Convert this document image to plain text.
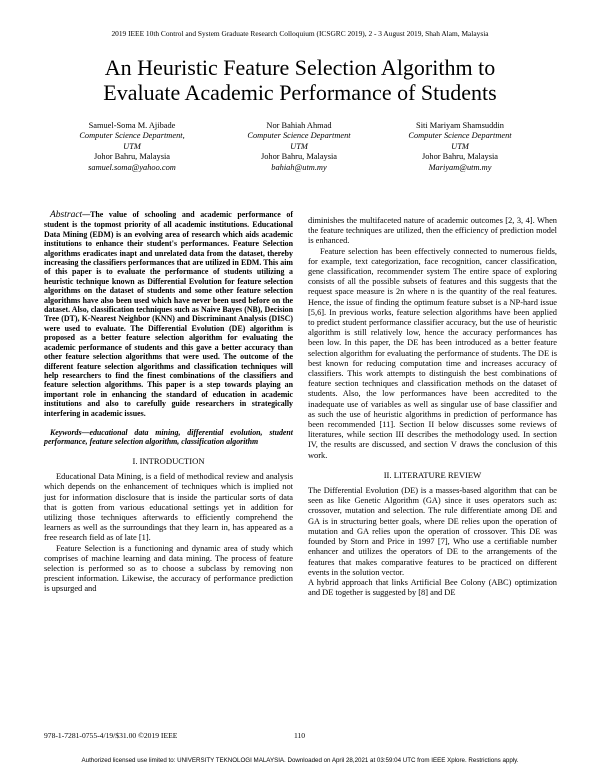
2019 IEEE 10th Control and System Graduate Research Colloquium (ICSGRC 2019), 2 - 3 August 2019, Shah Alam, Malaysia
An Heuristic Feature Selection Algorithm to
Evaluate Academic Performance of Students
Samuel-Soma M. Ajibade
Computer Science Department,
UTM
Johor Bahru, Malaysia
samuel.soma@yahoo.com
Nor Bahiah Ahmad
Computer Science Department
UTM
Johor Bahru, Malaysia
bahiah@utm.my
Siti Mariyam Shamsuddin
Computer Science Department
UTM
Johor Bahru, Malaysia
Mariyam@utm.my

Abstract—The value of schooling and academic performance of student is the topmost priority of all academic institutions. Educational Data Mining (EDM) is an evolving area of research which aids academic institutions to enhance their student's performances. Feature Selection algorithms eradicates inapt and unrelated data from the dataset, thereby increasing the classifiers performances that are utilized in EDM. This aim of this paper is to evaluate the performance of students utilizing a heuristic technique known as Differential Evolution for feature selection algorithms on the dataset of students and some other feature selection algorithms have also been used which have never been used before on the dataset. Also, classification techniques such as Naive Bayes (NB), Decision Tree (DT), K-Nearest Neighbor (KNN) and Discriminant Analysis (DISC) were used to evaluate. The Differential Evolution (DE) algorithm is proposed as a better feature selection algorithm for evaluating the academic performance of students and this gave a better accuracy than other feature selection algorithms that were used. The outcome of the different feature selection algorithms and classification techniques will help researchers to find the finest combinations of the classifiers and feature selection algorithms. This paper is a step towards playing an important role in enhancing the standard of education in academic institutions and also to carefully guide researchers in strategically interfering in academic issues.

Keywords—educational data mining, differential evolution, student performance, feature selection algorithm, classification algorithm

I. INTRODUCTION

Educational Data Mining, is a field of methodical review and analysis which depends on the enhancement of techniques which is implied not just for information disclosure that is inside the particular sorts of data that is gotten from various educational settings yet in addition for utilizing those techniques afterwards to efficiently comprehend the learners as well as the surroundings that they learn in, has appeared as a free research field as of late [1].

Feature Selection is a functioning and dynamic area of study which comprises of machine learning and data mining. The process of feature selection is performed so as to choose a subclass by removing non prescient information. Likewise, the accuracy of performance prediction is upsurged and

diminishes the multifaceted nature of academic outcomes [2, 3, 4]. When the feature techniques are utilized, then the efficiency of prediction model is enhanced.

Feature selection has been effectively connected to numerous fields, for example, text categorization, face recognition, cancer classification, gene classification, recommender system The entire space of exploring consists of all the possible subsets of features and this suggests that the request space measure is 2n where n is the quantity of the real features. Hence, the issue of finding the optimum feature subset is a NP-hard issue [5,6]. In previous works, feature selection algorithms have been applied to predict student performance classifier accuracy, but the use of heuristic algorithm is still relatively low, hence the accuracy performances has been low. In this paper, the DE has been introduced as a better feature selection algorithm for evaluating the performance of students. The DE is best known for reducing computation time and increases accuracy of classifiers. This work attempts to distinguish the best combinations of feature section techniques and classification methods on the dataset of students. Also, the low performances have been accredited to the inadequate use of variables as well as singular use of base classifier and as such the use of heuristic algorithms in prediction of performance has been recommended [11]. Section II below discusses some reviews of literatures, while section III describes the methodology used. In section IV, the results are discussed, and section V draws the conclusion of this work.

II. LITERATURE REVIEW

The Differential Evolution (DE) is a masses-based algorithm that can be seen as like Genetic Algorithm (GA) since it uses operators such as: crossover, mutation and selection. The rule differentiate among DE and GA is in structuring better goals, where DE relies upon the operation of mutation and GA relies upon the operation of crossover. This DE was founded by Storn and Price in 1997 [7], Who use a certifiable number enhancer and utilizes the operators of DE to the arrangements of the features that makes comparative features to be practiced on different events in the solution vector.

A hybrid approach that links Artificial Bee Colony (ABC) optimization and DE together is suggested by [8] and DE

978-1-7281-0755-4/19/$31.00 ©2019 IEEE	110
Authorized licensed use limited to: UNIVERSITY TEKNOLOGI MALAYSIA. Downloaded on April 28,2021 at 03:59:04 UTC from IEEE Xplore. Restrictions apply.
